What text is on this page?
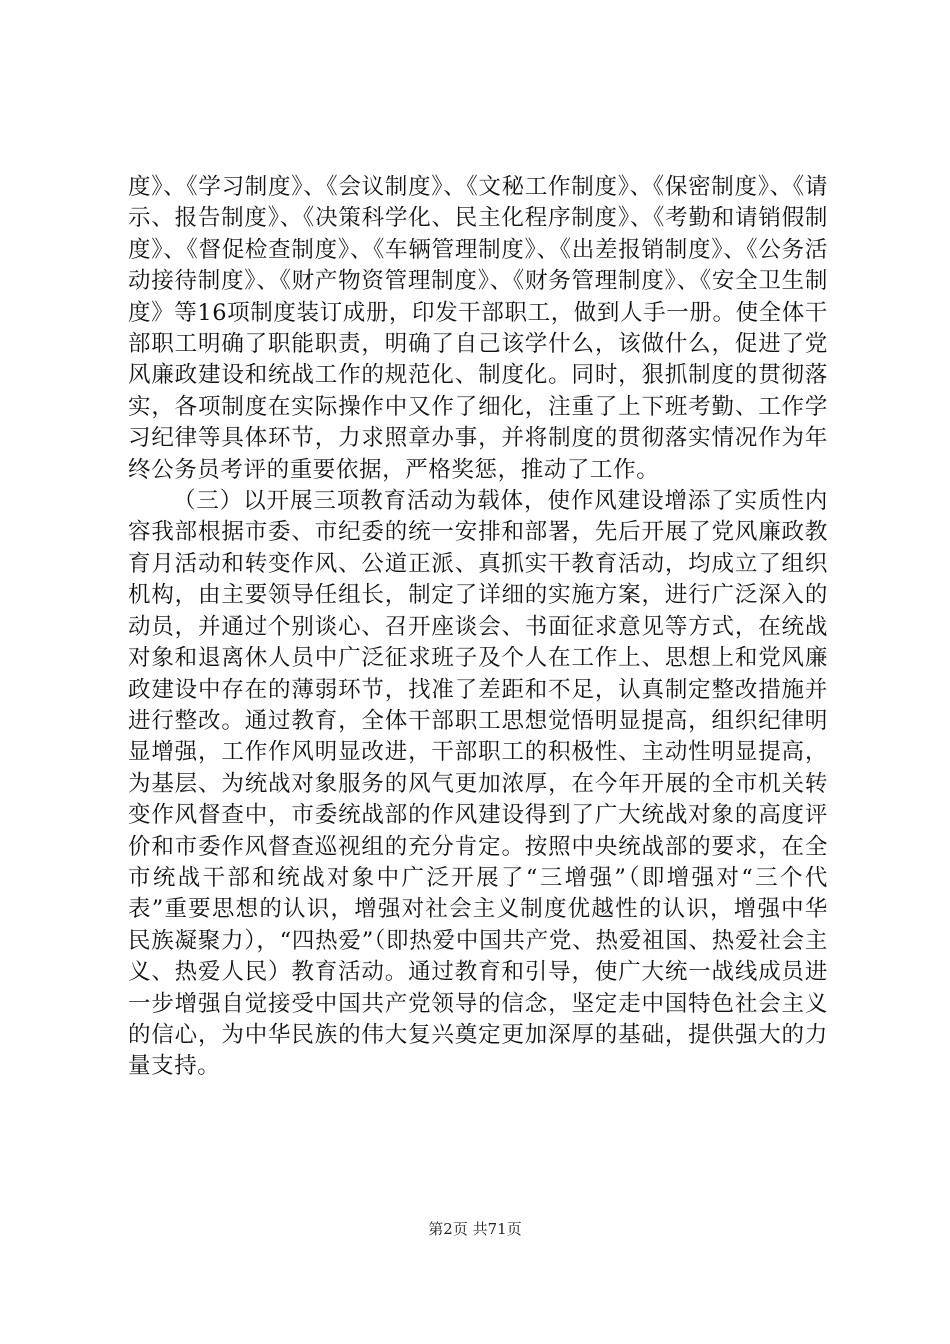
度》、《学习制度》、《会议制度》、《文秘工作制度》、《保密制度》、《请示、报告制度》、《决策科学化、民主化程序制度》、《考勤和请销假制度》、《督促检查制度》、《车辆管理制度》、《出差报销制度》、《公务活动接待制度》、《财产物资管理制度》、《财务管理制度》、《安全卫生制度》等16项制度装订成册，印发干部职工，做到人手一册。使全体干部职工明确了职能职责，明确了自己该学什么，该做什么，促进了党风廉政建设和统战工作的规范化、制度化。同时，狠抓制度的贯彻落实，各项制度在实际操作中又作了细化，注重了上下班考勤、工作学习纪律等具体环节，力求照章办事，并将制度的贯彻落实情况作为年终公务员考评的重要依据，严格奖惩，推动了工作。

（三）以开展三项教育活动为载体，使作风建设增添了实质性内容我部根据市委、市纪委的统一安排和部署，先后开展了党风廉政教育月活动和转变作风、公道正派、真抓实干教育活动，均成立了组织机构，由主要领导任组长，制定了详细的实施方案，进行广泛深入的动员，并通过个别谈心、召开座谈会、书面征求意见等方式，在统战对象和退离休人员中广泛征求班子及个人在工作上、思想上和党风廉政建设中存在的薄弱环节，找准了差距和不足，认真制定整改措施并进行整改。通过教育，全体干部职工思想觉悟明显提高，组织纪律明显增强，工作作风明显改进，干部职工的积极性、主动性明显提高，为基层、为统战对象服务的风气更加浓厚，在今年开展的全市机关转变作风督查中，市委统战部的作风建设得到了广大统战对象的高度评价和市委作风督查巡视组的充分肯定。按照中央统战部的要求，在全市统战干部和统战对象中广泛开展了“三增强”（即增强对“三个代表”重要思想的认识，增强对社会主义制度优越性的认识，增强中华民族凝聚力），“四热爱”（即热爱中国共产党、热爱祖国、热爱社会主义、热爱人民）教育活动。通过教育和引导，使广大统一战线成员进一步增强自觉接受中国共产党领导的信念，坚定走中国特色社会主义的信心，为中华民族的伟大复兴奠定更加深厚的基础，提供强大的力量支持。

第2页 共71页
